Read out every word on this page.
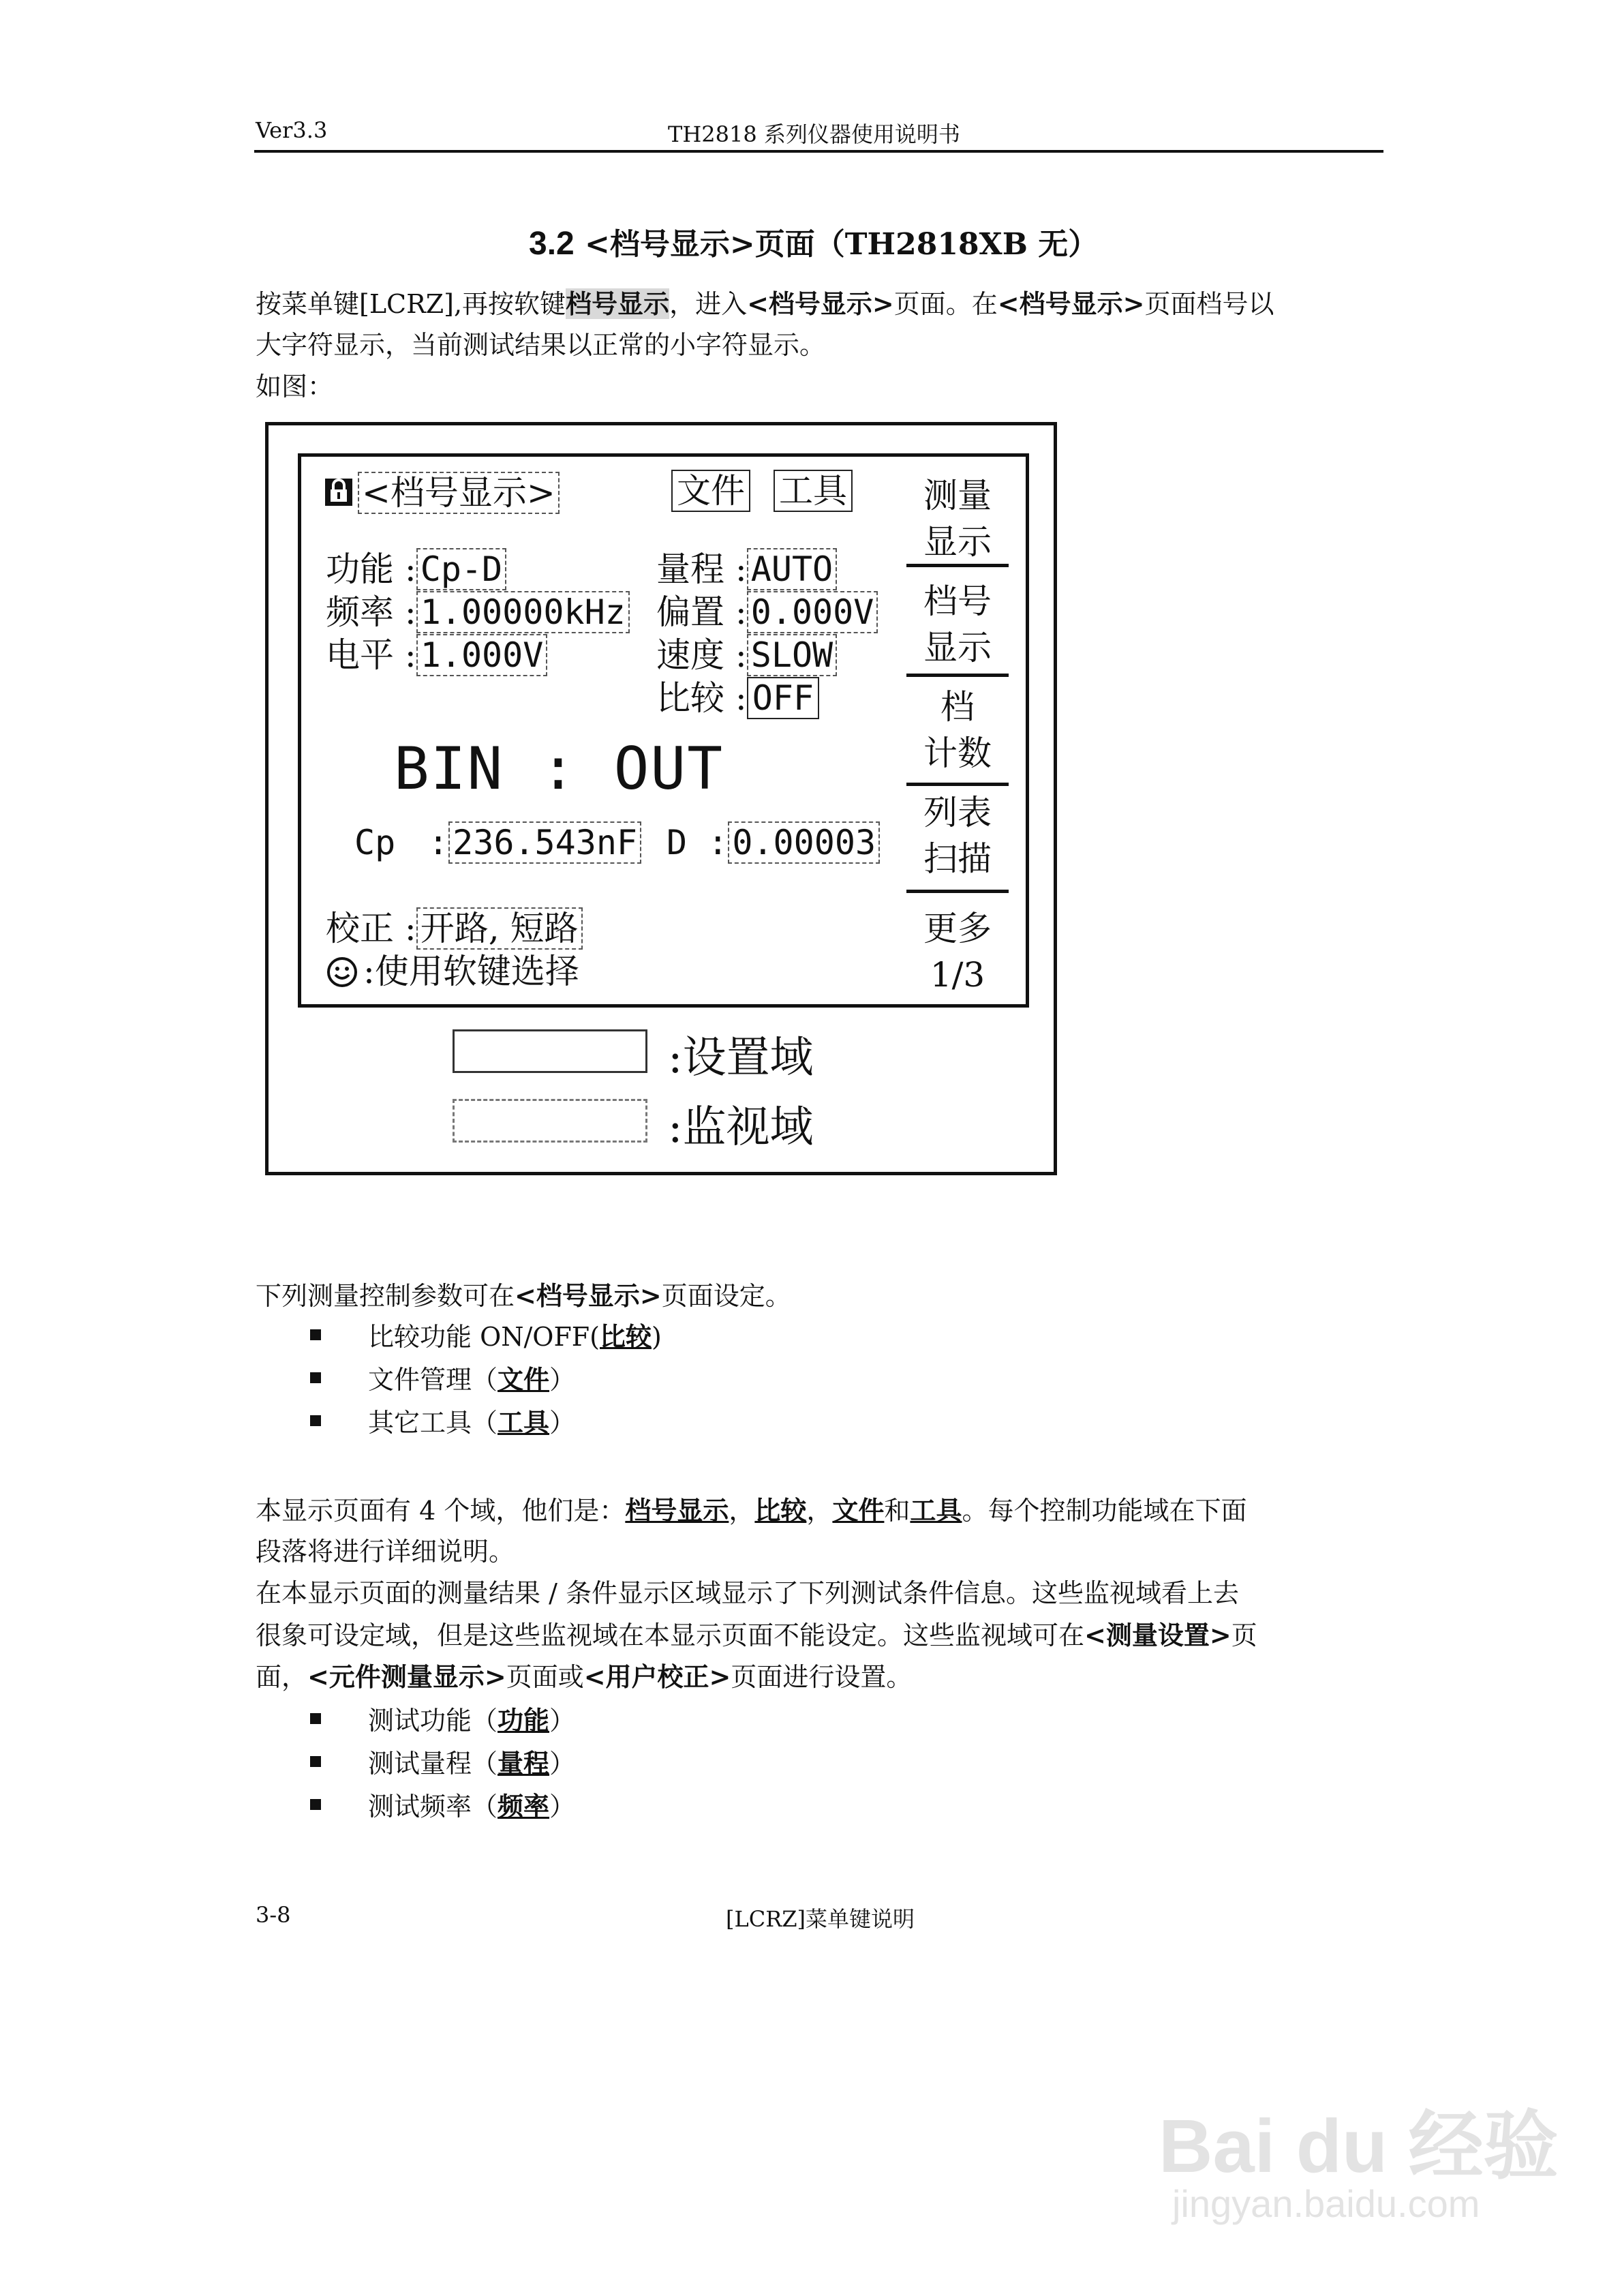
Ver3.3	TH2818 系列仪器使用说明书
3.2 <档号显示>页面（TH2818XB 无）
按菜单键[LCRZ],再按软键档号显示，进入<档号显示>页面。在<档号显示>页面档号以
大字符显示，当前测试结果以正常的小字符显示。
如图：
<档号显示>	文件 工具
功能 : Cp-D
频率 : 1.00000kHz
电平 : 1.000V
量程 : AUTO
偏置 : 0.000V
速度 : SLOW
比较 : OFF
BIN : OUT
Cp : 236.543nF D : 0.00003
校正 : 开路, 短路
:使用软键选择
测量
显示
档号
显示
档
计数
列表
扫描
更多
1/3
:设置域
:监视域
下列测量控制参数可在<档号显示>页面设定。
比较功能 ON/OFF(比较)
文件管理（文件）
其它工具（工具）
本显示页面有 4 个域，他们是：档号显示，比较，文件和工具。每个控制功能域在下面
段落将进行详细说明。
在本显示页面的测量结果 / 条件显示区域显示了下列测试条件信息。这些监视域看上去
很象可设定域，但是这些监视域在本显示页面不能设定。这些监视域可在<测量设置>页
面，<元件测量显示>页面或<用户校正>页面进行设置。
测试功能（功能）
测试量程（量程）
测试频率（频率）
3-8	[LCRZ]菜单键说明
Bai du 经验
jingyan.baidu.com
